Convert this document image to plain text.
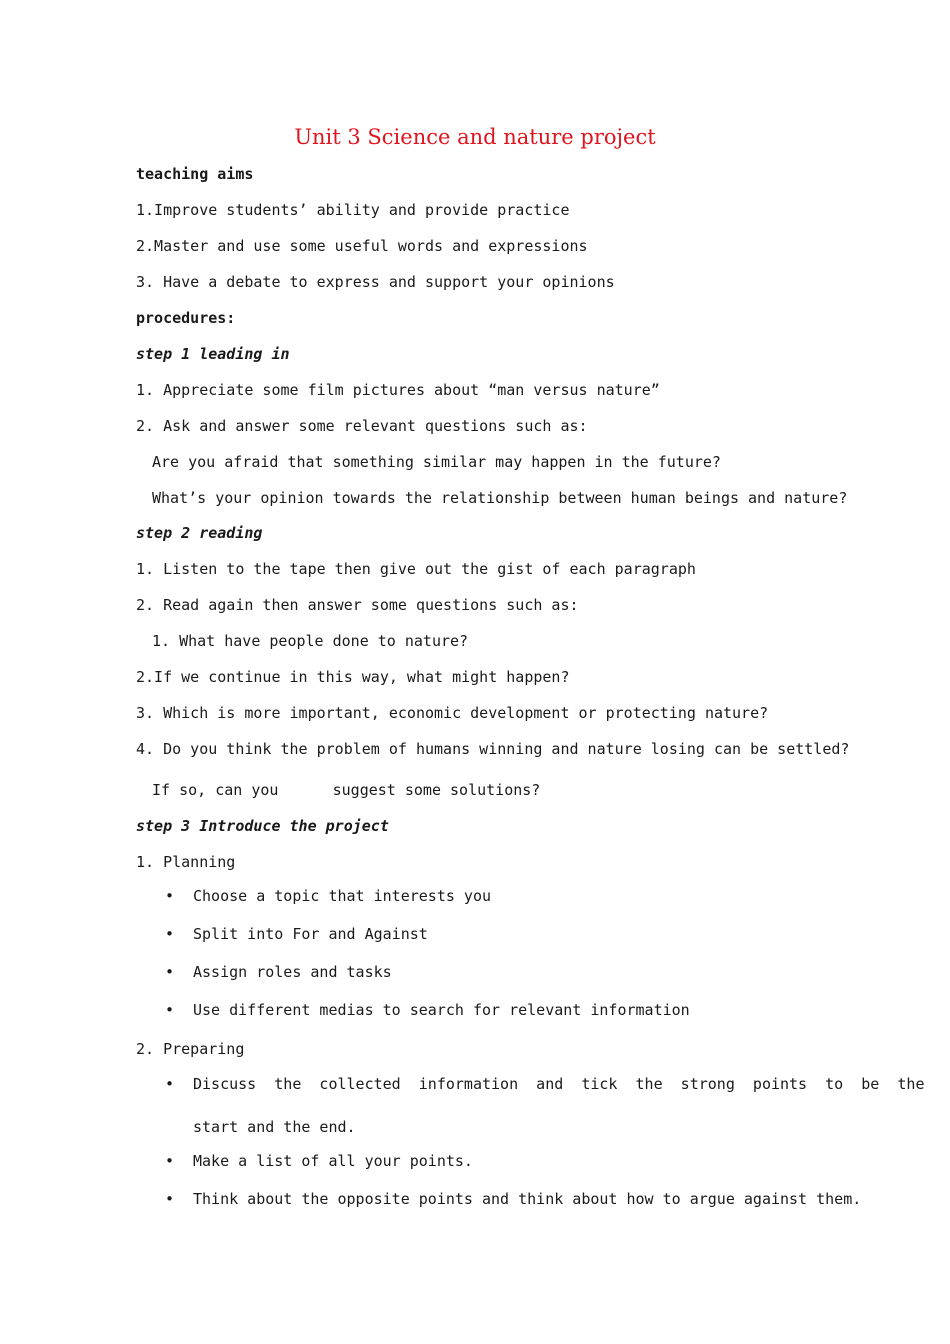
Unit 3 Science and nature project
teaching aims
1.Improve students’ ability and provide practice
2.Master and use some useful words and expressions
3. Have a debate to express and support your opinions
procedures:
step 1 leading in
1. Appreciate some film pictures about “man versus nature”
2. Ask and answer some relevant questions such as:
Are you afraid that something similar may happen in the future?
What’s your opinion towards the relationship between human beings and nature?
step 2 reading
1. Listen to the tape then give out the gist of each paragraph
2. Read again then answer some questions such as:
1. What have people done to nature?
2.If we continue in this way, what might happen?
3. Which is more important, economic development or protecting nature?
4. Do you think the problem of humans winning and nature losing can be settled?
If so, can you      suggest some solutions?
step 3 Introduce the project
1. Planning
• Choose a topic that interests you
• Split into For and Against
• Assign roles and tasks
• Use different medias to search for relevant information
2. Preparing
• Discuss  the  collected  information  and  tick  the  strong  points  to  be  the
start and the end.
• Make a list of all your points.
• Think about the opposite points and think about how to argue against them.
